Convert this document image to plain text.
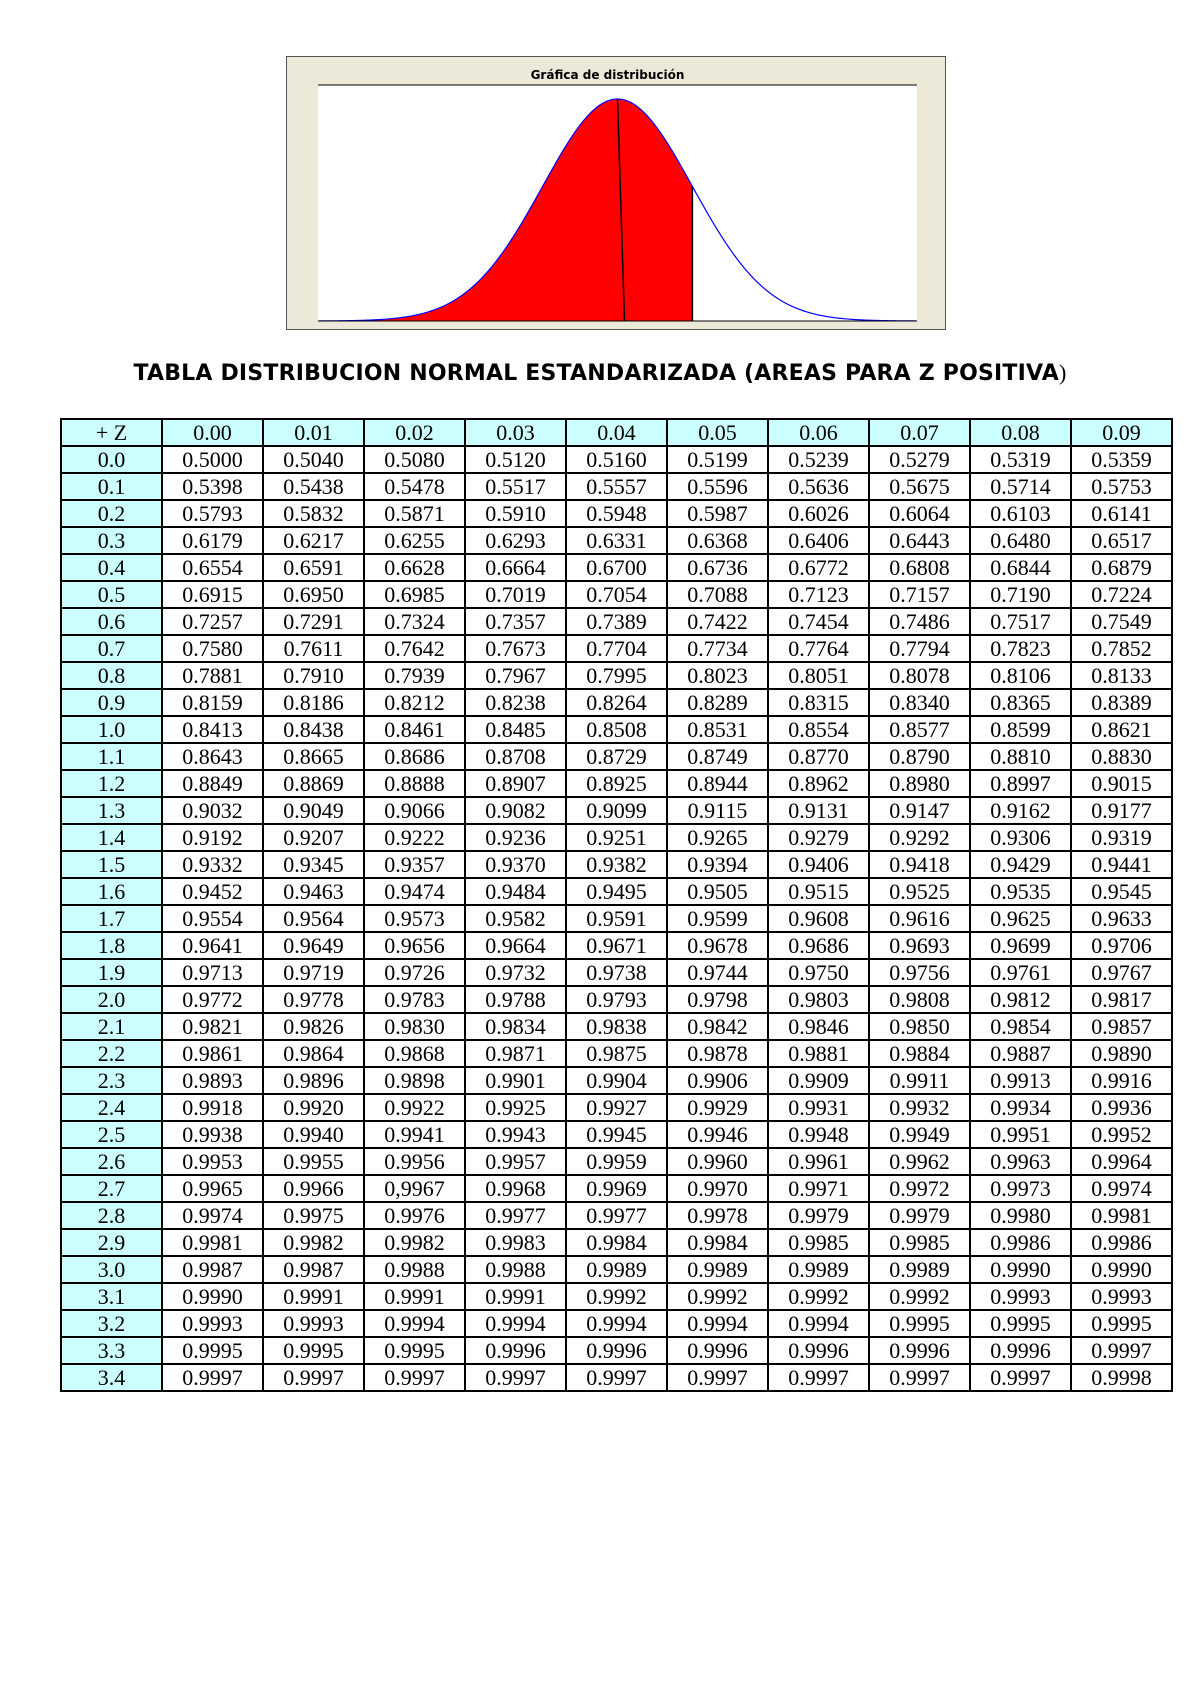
Gráfica de distribución
TABLA DISTRIBUCION NORMAL ESTANDARIZADA (AREAS PARA Z POSITIVA)
+ Z	0.00	0.01	0.02	0.03	0.04	0.05	0.06	0.07	0.08	0.09
0.0	0.5000	0.5040	0.5080	0.5120	0.5160	0.5199	0.5239	0.5279	0.5319	0.5359
0.1	0.5398	0.5438	0.5478	0.5517	0.5557	0.5596	0.5636	0.5675	0.5714	0.5753
0.2	0.5793	0.5832	0.5871	0.5910	0.5948	0.5987	0.6026	0.6064	0.6103	0.6141
0.3	0.6179	0.6217	0.6255	0.6293	0.6331	0.6368	0.6406	0.6443	0.6480	0.6517
0.4	0.6554	0.6591	0.6628	0.6664	0.6700	0.6736	0.6772	0.6808	0.6844	0.6879
0.5	0.6915	0.6950	0.6985	0.7019	0.7054	0.7088	0.7123	0.7157	0.7190	0.7224
0.6	0.7257	0.7291	0.7324	0.7357	0.7389	0.7422	0.7454	0.7486	0.7517	0.7549
0.7	0.7580	0.7611	0.7642	0.7673	0.7704	0.7734	0.7764	0.7794	0.7823	0.7852
0.8	0.7881	0.7910	0.7939	0.7967	0.7995	0.8023	0.8051	0.8078	0.8106	0.8133
0.9	0.8159	0.8186	0.8212	0.8238	0.8264	0.8289	0.8315	0.8340	0.8365	0.8389
1.0	0.8413	0.8438	0.8461	0.8485	0.8508	0.8531	0.8554	0.8577	0.8599	0.8621
1.1	0.8643	0.8665	0.8686	0.8708	0.8729	0.8749	0.8770	0.8790	0.8810	0.8830
1.2	0.8849	0.8869	0.8888	0.8907	0.8925	0.8944	0.8962	0.8980	0.8997	0.9015
1.3	0.9032	0.9049	0.9066	0.9082	0.9099	0.9115	0.9131	0.9147	0.9162	0.9177
1.4	0.9192	0.9207	0.9222	0.9236	0.9251	0.9265	0.9279	0.9292	0.9306	0.9319
1.5	0.9332	0.9345	0.9357	0.9370	0.9382	0.9394	0.9406	0.9418	0.9429	0.9441
1.6	0.9452	0.9463	0.9474	0.9484	0.9495	0.9505	0.9515	0.9525	0.9535	0.9545
1.7	0.9554	0.9564	0.9573	0.9582	0.9591	0.9599	0.9608	0.9616	0.9625	0.9633
1.8	0.9641	0.9649	0.9656	0.9664	0.9671	0.9678	0.9686	0.9693	0.9699	0.9706
1.9	0.9713	0.9719	0.9726	0.9732	0.9738	0.9744	0.9750	0.9756	0.9761	0.9767
2.0	0.9772	0.9778	0.9783	0.9788	0.9793	0.9798	0.9803	0.9808	0.9812	0.9817
2.1	0.9821	0.9826	0.9830	0.9834	0.9838	0.9842	0.9846	0.9850	0.9854	0.9857
2.2	0.9861	0.9864	0.9868	0.9871	0.9875	0.9878	0.9881	0.9884	0.9887	0.9890
2.3	0.9893	0.9896	0.9898	0.9901	0.9904	0.9906	0.9909	0.9911	0.9913	0.9916
2.4	0.9918	0.9920	0.9922	0.9925	0.9927	0.9929	0.9931	0.9932	0.9934	0.9936
2.5	0.9938	0.9940	0.9941	0.9943	0.9945	0.9946	0.9948	0.9949	0.9951	0.9952
2.6	0.9953	0.9955	0.9956	0.9957	0.9959	0.9960	0.9961	0.9962	0.9963	0.9964
2.7	0.9965	0.9966	0,9967	0.9968	0.9969	0.9970	0.9971	0.9972	0.9973	0.9974
2.8	0.9974	0.9975	0.9976	0.9977	0.9977	0.9978	0.9979	0.9979	0.9980	0.9981
2.9	0.9981	0.9982	0.9982	0.9983	0.9984	0.9984	0.9985	0.9985	0.9986	0.9986
3.0	0.9987	0.9987	0.9988	0.9988	0.9989	0.9989	0.9989	0.9989	0.9990	0.9990
3.1	0.9990	0.9991	0.9991	0.9991	0.9992	0.9992	0.9992	0.9992	0.9993	0.9993
3.2	0.9993	0.9993	0.9994	0.9994	0.9994	0.9994	0.9994	0.9995	0.9995	0.9995
3.3	0.9995	0.9995	0.9995	0.9996	0.9996	0.9996	0.9996	0.9996	0.9996	0.9997
3.4	0.9997	0.9997	0.9997	0.9997	0.9997	0.9997	0.9997	0.9997	0.9997	0.9998
